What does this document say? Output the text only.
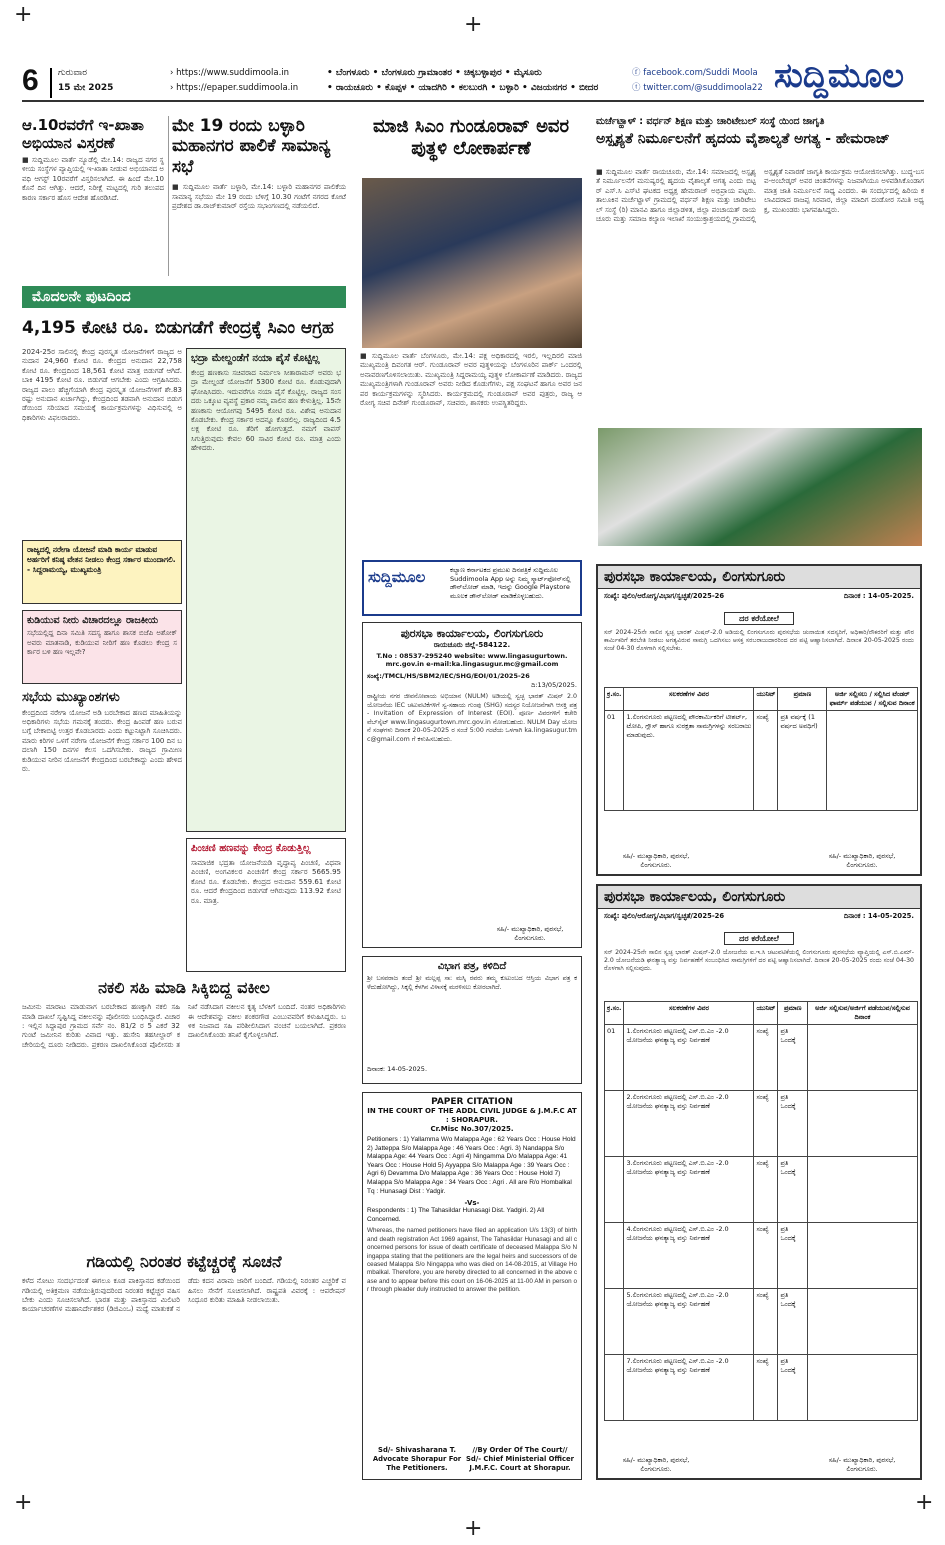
+
+
+
+
+
6 ಗುರುವಾರ
15 ಮೇ 2025
› https://www.suddimoola.in
› https://epaper.suddimoola.in
• ಬೆಂಗಳೂರು • ಬೆಂಗಳೂರು ಗ್ರಾಮಾಂತರ • ಚಿಕ್ಕಬಳ್ಳಾಪುರ • ಮೈಸೂರು
• ರಾಯಚೂರು • ಕೊಪ್ಪಳ • ಯಾದಗಿರಿ • ಕಲಬುರಗಿ • ಬಳ್ಳಾರಿ • ವಿಜಯನಗರ • ಬೀದರ
ⓕ facebook.com/Suddi Moola
ⓣ twitter.com/@suddimoola22 ಸುದ್ದಿಮೂಲ
ಆ.10ರವರೆಗೆ ಇ-ಖಾತಾ ಅಭಿಯಾನ ವಿಸ್ತರಣೆ
■ ಸುದ್ದಿಮೂಲ ವಾರ್ತೆ ನ್ಯೂಡೆಲ್ಲಿ ಮೇ.14: ರಾಜ್ಯದ ನಗರ ಸ್ಥಳೀಯ ಸಂಸ್ಥೆಗಳ ವ್ಯಾಪ್ತಿಯಲ್ಲಿ ಇ-ಖಾತಾ ನೀಡುವ ಅಭಿಯಾನದ ಅವಧಿ ಆಗಸ್ಟ್ 10ರವರೆಗೆ ವಿಸ್ತರಿಸಲಾಗಿದೆ. ಈ ಹಿಂದೆ ಮೇ.10 ಕೊನೆ ದಿನ ಆಗಿತ್ತು. ಆದರೆ, ನಿರೀಕ್ಷೆ ಮಟ್ಟದಲ್ಲಿ ಗುರಿ ತಲುಪದ ಕಾರಣ ಸರ್ಕಾರ ಹೊಸ ಆದೇಶ ಹೊರಡಿಸಿದೆ.
ಮೇ 19 ರಂದು ಬಳ್ಳಾರಿ ಮಹಾನಗರ ಪಾಲಿಕೆ ಸಾಮಾನ್ಯ ಸಭೆ
■ ಸುದ್ದಿಮೂಲ ವಾರ್ತೆ ಬಳ್ಳಾರಿ, ಮೇ.14: ಬಳ್ಳಾರಿ ಮಹಾನಗರ ಪಾಲಿಕೆಯ ಸಾಮಾನ್ಯ ಸಭೆಯು ಮೇ 19 ರಂದು ಬೆಳಿಗ್ಗೆ 10.30 ಗಂಟೆಗೆ ನಗರದ ಕೋಟೆ ಪ್ರದೇಶದ ಡಾ.ರಾಜ್‌ಕುಮಾರ್ ರಸ್ತೆಯ ಸಭಾಂಗಣದಲ್ಲಿ ನಡೆಯಲಿದೆ.
ಮೊದಲನೇ ಪುಟದಿಂದ
4,195 ಕೋಟಿ ರೂ. ಬಿಡುಗಡೆಗೆ ಕೇಂದ್ರಕ್ಕೆ ಸಿಎಂ ಆಗ್ರಹ
2024-25ರ ಸಾಲಿನಲ್ಲಿ ಕೇಂದ್ರ ಪುರಸ್ಕೃತ ಯೋಜನೆಗಳಿಗೆ ರಾಜ್ಯದ ಅನುದಾನ 24,960 ಕೋಟಿ ರೂ. ಕೇಂದ್ರದ ಅನುದಾನ 22,758 ಕೋಟಿ ರೂ. ಕೇಂದ್ರದಿಂದ 18,561 ಕೋಟಿ ಮಾತ್ರ ಬಿಡುಗಡೆ ಆಗಿದೆ. ಬಾಕಿ 4195 ಕೋಟಿ ರೂ. ಬಿಡುಗಡೆ ಆಗಬೇಕು ಎಂದು ಆಗ್ರಹಿಸಿದರು. ರಾಜ್ಯದ ಪಾಲು ಹೆಚ್ಚಿಗೆಯಾಗಿ ಕೇಂದ್ರ ಪುರಸ್ಕೃತ ಯೋಜನೆಗಳಿಗೆ ಶೇ.83 ರಷ್ಟು ಅನುದಾನ ಖರ್ಚಾಗಿದ್ದು, ಕೇಂದ್ರದಿಂದ ತಡವಾಗಿ ಅನುದಾನ ಬಿಡುಗಡೆಯಿಂದ ಸರಿಯಾದ ಸಮಯಕ್ಕೆ ಕಾರ್ಯಕ್ರಮಗಳನ್ನು ವಿಧಿಸುವಲ್ಲಿ ಅಧಿಕಾರಿಗಳು ವಿಫಲರಾದರು.
ರಾಜ್ಯದಲ್ಲಿ ನರೇಗಾ ಯೋಜನೆ ಮಾಡಿ ಕಾರ್ಯ ಮಾಡುವ ಅರ್ಹರಿಗೆ ಕನಿಷ್ಠ ವೇತನ ನೀಡಲು ಕೇಂದ್ರ ಸರ್ಕಾರ ಮುಂದಾಗಲಿ. - ಸಿದ್ದರಾಮಯ್ಯ, ಮುಖ್ಯಮಂತ್ರಿ
ಕುಡಿಯುವ ನೀರು ವಿಚಾರದಲ್ಲೂ ರಾಜಕೀಯ
ಸಭೆಯಲ್ಲಿದ್ದ ದಿನಾ ಸಮಿತಿ ಸದಸ್ಯ ಹಾಗೂ ಶಾಸಕ ಬಿಜೆಪಿ ಅಶೋಕ್ ಅವರು ಮಾತನಾಡಿ, ಕುಡಿಯುವ ನೀರಿಗೆ ಹಣ ಕೊಡಲು ಕೇಂದ್ರ ಸರ್ಕಾರ ಬಳಿ ಹಣ ಇಲ್ಲವೇ?
ಸಭೆಯ ಮುಖ್ಯಾಂಶಗಳು
ಕೇಂದ್ರದಿಂದ ನರೇಗಾ ಯೋಜನೆ ಅಡಿ ಬರಬೇಕಾದ ಹಣದ ಮಾಹಿತಿಯನ್ನು ಅಧಿಕಾರಿಗಳು ಸಭೆಯ ಗಮನಕ್ಕೆ ತಂದರು. ಕೇಂದ್ರ ಹಿಂಪಡೆ ಹಣ ಬರುವ ಬಗ್ಗೆ ಬೇಕಾಬಿಟ್ಟಿ ಉತ್ತರ ಕೊಡಬಾರದು ಎಂದು ಕಟ್ಟುನಿಟ್ಟಾಗಿ ಸೂಚಿಸಿದರು. ಮಾರು ಕಿರಿಗಳ ಒಳಗೆ ನರೇಗಾ ಯೋಜನೆಗೆ ಕೇಂದ್ರ ಸರ್ಕಾರ 100 ದಿನ ಬದಲಾಗಿ 150 ದಿನಗಳ ಕೆಲಸ ಒದಗಿಸಬೇಕು. ರಾಜ್ಯದ ಗ್ರಾಮೀಣ ಕುಡಿಯುವ ನೀರಿನ ಯೋಜನೆಗೆ ಕೇಂದ್ರದಿಂದ ಬರಬೇಕಾದ್ದು ಎಂದು ಹೇಳಿದರು.
ಭದ್ರಾ ಮೇಲ್ದಂಡೆಗೆ ನಯಾ ಪೈಸೆ ಕೊಟ್ಟಿಲ್ಲ
ಕೇಂದ್ರ ಹಣಕಾಸು ಸಚಿವರಾದ ನಿರ್ಮಲಾ ಸೀತಾರಾಮನ್ ಅವರು ಭದ್ರಾ ಮೇಲ್ದಂಡೆ ಯೋಜನೆಗೆ 5300 ಕೋಟಿ ರೂ. ಕೊಡುವುದಾಗಿ ಘೋಷಿಸಿದರು. ಇದುವರೆಗೂ ನಯಾ ಪೈಸೆ ಕೊಟ್ಟಿಲ್ಲ. ರಾಜ್ಯದ ಸಂಸದರು ಒಕ್ಕೂಟ ವ್ಯವಸ್ಥೆ ಪ್ರಕಾರ ನಮ್ಮ ಪಾಲಿನ ಹಣ ಕೇಳುತ್ತಿಲ್ಲ. 15ನೇ ಹಣಕಾಸು ಆಯೋಗವು 5495 ಕೋಟಿ ರೂ. ವಿಶೇಷ ಅನುದಾನ ಕೊಡಬೇಕು. ಕೇಂದ್ರ ಸರ್ಕಾರ ಅದನ್ನೂ ಕೊಡಲಿಲ್ಲ. ರಾಜ್ಯದಿಂದ 4.5 ಲಕ್ಷ ಕೋಟಿ ರೂ. ತೆರಿಗೆ ಹೋಗುತ್ತದೆ. ನಮಗೆ ವಾಪಸ್ ಸಿಗುತ್ತಿರುವುದು ಕೇವಲ 60 ಸಾವಿರ ಕೋಟಿ ರೂ. ಮಾತ್ರ ಎಂದು ಹೇಳಿದರು.
ಪಿಂಚಣಿ ಹಣವನ್ನು ಕೇಂದ್ರ ಕೊಡುತ್ತಿಲ್ಲ
ಸಾಮಾಜಿಕ ಭದ್ರತಾ ಯೋಜನೆಯಡಿ ವೃದ್ಧಾಪ್ಯ ಪಿಂಚಣಿ, ವಿಧವಾ ಪಿಂಚಣಿ, ಅಂಗವಿಕಲರ ಪಿಂಚಣಿಗೆ ಕೇಂದ್ರ ಸರ್ಕಾರ 5665.95 ಕೋಟಿ ರೂ. ಕೊಡಬೇಕು. ಕೇಂದ್ರದ ಅನುದಾನ 559.61 ಕೋಟಿ ರೂ. ಆದರೆ ಕೇಂದ್ರದಿಂದ ಬಿಡುಗಡೆ ಆಗಿರುವುದು 113.92 ಕೋಟಿ ರೂ. ಮಾತ್ರ.
ನಕಲಿ ಸಹಿ ಮಾಡಿ ಸಿಕ್ಕಿಬಿದ್ದ ವಕೀಲ
ಜಮೀನು ಮಾರಾಟ ಮಾಡುವಾಗ ಬರಬೇಕಾದ ಹಣಕ್ಕಾಗಿ ನಕಲಿ ಸಹಿ ಮಾಡಿ ದಾಖಲೆ ಸೃಷ್ಟಿಸಿದ್ದ ವಕೀಲನನ್ನು ಪೊಲೀಸರು ಬಂಧಿಸಿದ್ದಾರೆ. ವಿಚಾರ : ಇಲ್ಲಿನ ಸಿದ್ದಾಪುರ ಗ್ರಾಮದ ಸರ್ವೆ ನಂ. 81/2 ರ 5 ಎಕರೆ 32 ಗುಂಟೆ ಜಮೀನಿನ ಕುರಿತು ವಿವಾದ ಇತ್ತು. ಹುಸೇನಿ ತಹಸೀಲ್ದಾರ್ ಕಚೇರಿಯಲ್ಲಿ ದೂರು ನೀಡಿದರು. ಪ್ರಕರಣ ದಾಖಲಿಸಿಕೊಂಡ ಪೊಲೀಸರು ತನಿಖೆ ನಡೆಸಿದಾಗ ವಕೀಲನ ಕೃತ್ಯ ಬೆಳಕಿಗೆ ಬಂದಿದೆ. ನಂತರ ಅಧಿಕಾರಿಗಳು ಈ ಆದೇಶವನ್ನು ವಕೀಲ ಶಂಕರಗೌಡ ಎಂಬುವವರಿಗೆ ಕಳುಹಿಸಿದ್ದರು. ಬಳಿಕ ನಿಜವಾದ ಸಹಿ ಪರಿಶೀಲಿಸಿದಾಗ ವಂಚನೆ ಬಯಲಾಗಿದೆ. ಪ್ರಕರಣ ದಾಖಲಿಸಿಕೊಂಡು ತನಿಖೆ ಕೈಗೊಳ್ಳಲಾಗಿದೆ.
ಗಡಿಯಲ್ಲಿ ನಿರಂತರ ಕಟ್ಟೆಚ್ಚರಕ್ಕೆ ಸೂಚನೆ
ಕಳೆದ ನೋಟು ಸಂದರ್ಭದಂತೆ ಈಗಲೂ ಕೂಡ ಪಾಕಿಸ್ತಾನದ ಕಡೆಯಿಂದ ಗಡಿಯಲ್ಲಿ ಅತಿಕ್ರಮಣ ನಡೆಯುತ್ತಿರುವುದರಿಂದ ನಿರಂತರ ಕಟ್ಟೆಚ್ಚರ ವಹಿಸಬೇಕು ಎಂದು ಸೂಚಿಸಲಾಗಿದೆ. ಭಾರತ ಮತ್ತು ಪಾಕಿಸ್ತಾನದ ಮಿಲಿಟರಿ ಕಾರ್ಯಾಚರಣೆಗಳ ಮಹಾನಿರ್ದೇಶಕರ (ಡಿಜಿಎಂಒ) ಮಧ್ಯೆ ಮಾತುಕತೆ ನಡೆದು ಕದನ ವಿರಾಮ ಜಾರಿಗೆ ಬಂದಿದೆ. ಗಡಿಯಲ್ಲಿ ನಿರಂತರ ಎಚ್ಚರಿಕೆ ವಹಿಸಲು ಸೇನೆಗೆ ಸೂಚಿಸಲಾಗಿದೆ. ರಾಷ್ಟ್ರಪತಿ ವಿವರಕ್ಕೆ : ಆಪರೇಷನ್ ಸಿಂಧೂರ ಕುರಿತು ಮಾಹಿತಿ ನೀಡಲಾಯಿತು.
ಮಾಜಿ ಸಿಎಂ ಗುಂಡೂರಾವ್ ಅವರ ಪುತ್ಥಳಿ ಲೋಕಾರ್ಪಣೆ
■ ಸುದ್ದಿಮೂಲ ವಾರ್ತೆ ಬೆಂಗಳೂರು, ಮೇ.14: ಪಕ್ಷ ಅಧಿಕಾರದಲ್ಲಿ ಇರಲಿ, ಇಲ್ಲದಿರಲಿ ಮಾಜಿ ಮುಖ್ಯಮಂತ್ರಿ ದಿವಂಗತ ಆರ್. ಗುಂಡೂರಾವ್ ಅವರ ಪುತ್ಥಳಿಯನ್ನು ಬೆಂಗಳೂರಿನ ಪಾರ್ಕ್ ಒಂದರಲ್ಲಿ ಅನಾವರಣಗೊಳಿಸಲಾಯಿತು. ಮುಖ್ಯಮಂತ್ರಿ ಸಿದ್ದರಾಮಯ್ಯ ಪುತ್ಥಳಿ ಲೋಕಾರ್ಪಣೆ ಮಾಡಿದರು. ರಾಜ್ಯದ ಮುಖ್ಯಮಂತ್ರಿಗಳಾಗಿ ಗುಂಡೂರಾವ್ ಅವರು ನೀಡಿದ ಕೊಡುಗೆಗಳು, ಪಕ್ಷ ಸಂಘಟನೆ ಹಾಗೂ ಅವರ ಜನಪರ ಕಾರ್ಯಕ್ರಮಗಳನ್ನು ಸ್ಮರಿಸಿದರು. ಕಾರ್ಯಕ್ರಮದಲ್ಲಿ ಗುಂಡೂರಾವ್ ಅವರ ಪುತ್ರರು, ರಾಜ್ಯ ಆರೋಗ್ಯ ಸಚಿವ ದಿನೇಶ್ ಗುಂಡೂರಾವ್, ಸಚಿವರು, ಶಾಸಕರು ಉಪಸ್ಥಿತರಿದ್ದರು.
ಸುದ್ದಿಮೂಲ	ಕಲ್ಯಾಣ ಕರ್ನಾಟಕದ ಪ್ರಮುಖ ದಿನಪತ್ರಿಕೆ ಸುದ್ದಿಮೂಲ Suddimoola App ಅನ್ನು ನಿಮ್ಮ ಸ್ಮಾರ್ಟ್‌ಫೋನ್‌ನಲ್ಲಿ ಡೌನ್‌ಲೋಡ್ ಮಾಡಿ, ಇದನ್ನು Google Playstore ಮೂಲಕ ಡೌನ್‌ಲೋಡ್ ಮಾಡಿಕೊಳ್ಳಬಹುದು.
ಪುರಸಭಾ ಕಾರ್ಯಾಲಯ, ಲಿಂಗಸುಗೂರು
ರಾಯಚೂರು ಜಿಲ್ಲೆ-584122.
T.No : 08537-295240 website: www.lingasugurtown. mrc.gov.in e-mail:ka.lingasugur.mc@gmail.com
ಸಂಖ್ಯೆ:/TMCL/HS/SBM2/IEC/SHG/EOI/01/2025-26
ದಿ:13/05/2025.
ರಾಷ್ಟ್ರೀಯ ನಗರ ಜೀವನೋಪಾಯ ಅಭಿಯಾನ (NULM) ಅಡಿಯಲ್ಲಿ ಸ್ವಚ್ಛ ಭಾರತ್ ಮಿಷನ್ 2.0 ಯೋಜನೆಯ IEC ಚಟುವಟಿಕೆಗಳಿಗೆ ಸ್ವ-ಸಹಾಯ ಗುಂಪು (SHG) ಸದಸ್ಯರ ನಿಯೋಜನೆಗಾಗಿ ಆಸಕ್ತಿ ಪತ್ರ - Invitation of Expression of Interest (EOI). ಪೂರ್ಣ ವಿವರಗಳಿಗೆ ಕಚೇರಿ ವೆಬ್‌ಸೈಟ್ www.lingasugurtown.mrc.gov.in ನೋಡಬಹುದು. NULM Day ಯೋಜನೆ ಸಂಘಗಳು ದಿನಾಂಕ 20-05-2025 ರ ಸಂಜೆ 5:00 ಗಂಟೆಯ ಒಳಗಾಗಿ ka.lingasugur.tmc@gmail.com ಗೆ ಕಳುಹಿಸಬಹುದು.
ಸಹಿ/- ಮುಖ್ಯಾಧಿಕಾರಿ, ಪುರಸಭೆ, ಲಿಂಗಸುಗೂರು.
ವಿಭಾಗ ಪತ್ರ, ಕಳಿದಿದೆ
ಶ್ರೀ ಬಸವರಾಜ ತಂದೆ ಶ್ರೀ ಮಲ್ಲಪ್ಪ ಸಾ: ಮಸ್ಕಿ ರವರು ತಮ್ಮ ಕುಟುಂಬದ ಆಸ್ತಿಯ ವಿಭಾಗ ಪತ್ರ ಕಳೆದುಹೋಗಿದ್ದು, ಸಿಕ್ಕಲ್ಲಿ ಕೆಳಗಿನ ವಿಳಾಸಕ್ಕೆ ಮರಳಿಸಲು ಕೋರಲಾಗಿದೆ.
ದಿನಾಂಕ: 14-05-2025.
PAPER CITATION
IN THE COURT OF THE ADDL CIVIL JUDGE & J.M.F.C AT : SHORAPUR.
Cr.Misc No.307/2025.
Petitioners : 1) Yallamma W/o Malappa Age : 62 Years Occ : House Hold 2) Jatteppa S/o Malappa Age : 46 Years Occ : Agri. 3) Nandappa S/o Malappa Age: 44 Years Occ : Agri 4) Ningamma D/o Malappa Age: 41 Years Occ : House Hold 5) Ayyappa S/o Malappa Age : 39 Years Occ : Agri 6) Devamma D/o Malappa Age : 36 Years Occ : House Hold 7) Malappa S/o Malappa Age : 34 Years Occ : Agri . All are R/o Hombalkal Tq : Hunasagi Dist : Yadgir.
-Vs-
Respondents : 1) The Tahasildar Hunasagi Dist. Yadgiri. 2) All Concerned.
Whereas, the named petitioners have filed an application U/s 13(3) of birth and death registration Act 1969 against, The Tahasildar Hunasagi and all concerned persons for issue of death certificate of deceased Malappa S/o Ningappa stating that the petitioners are the legal heirs and successors of deceased Malappa S/o Ningappa who was died on 14-08-2015, at Village Hombalkal. Therefore, you are hereby directed to all concerned in the above case and to appear before this court on 16-06-2025 at 11-00 AM in person or through pleader duly instructed to answer the petition.
Sd/- Shivasharana T. Advocate Shorapur For The Petitioners.
//By Order Of The Court// Sd/- Chief Ministerial Officer J.M.F.C. Court at Shorapur.
ಮರ್ಚೆಟ್ಹಾಳ್ : ವರ್ಧನ್ ಶಿಕ್ಷಣ ಮತ್ತು ಚಾರಿಟೇಬಲ್ ಸಂಸ್ಥೆ ಯಿಂದ ಜಾಗೃತಿ
ಅಸ್ಪೃಶ್ಯತೆ ನಿರ್ಮೂಲನೆಗೆ ಹೃದಯ ವೈಶಾಲ್ಯತೆ ಅಗತ್ಯ - ಹೇಮರಾಜ್
■ ಸುದ್ದಿಮೂಲ ವಾರ್ತೆ ರಾಯಚೂರು, ಮೇ.14: ಸಮಾಜದಲ್ಲಿ ಅಸ್ಪೃಶ್ಯತೆ ನಿರ್ಮೂಲನೆಗೆ ಮನುಷ್ಯರಲ್ಲಿ ಹೃದಯ ವೈಶಾಲ್ಯತೆ ಅಗತ್ಯ ಎಂದು ಬಿಟ್ಟರ್ ಎಸ್.ಸಿ ಎಸ್‌ಟಿ ಘಟಕದ ಅಧ್ಯಕ್ಷ ಹೇಮರಾಜ್ ಅಭಿಪ್ರಾಯ ಪಟ್ಟರು. ತಾಲೂಕಿನ ಮರ್ಚೆಟ್ಹಾಳ್ ಗ್ರಾಮದಲ್ಲಿ ವರ್ಧನ್ ಶಿಕ್ಷಣ ಮತ್ತು ಚಾರಿಟೇಬಲ್ ಸಂಸ್ಥೆ (ರಿ) ಮಾನವಿ ಹಾಗೂ ಜಿಲ್ಲಾಡಳಿತ, ಜಿಲ್ಲಾ ಪಂಚಾಯತ್ ರಾಯಚೂರು ಮತ್ತು ಸಮಾಜ ಕಲ್ಯಾಣ ಇಲಾಖೆ ಸಂಯುಕ್ತಾಶ್ರಯದಲ್ಲಿ ಗ್ರಾಮದಲ್ಲಿ ಅಸ್ಪೃಶ್ಯತೆ ನಿವಾರಣೆ ಜಾಗೃತಿ ಕಾರ್ಯಕ್ರಮ ಆಯೋಜಿಸಲಾಗಿತ್ತು. ಬುದ್ಧ-ಬಸವ-ಅಂಬೇಡ್ಕರ್ ಅವರ ಚಿಂತನೆಗಳನ್ನು ನಿಜವಾಗಿಯೂ ಅಳವಡಿಸಿಕೊಂಡಾಗ ಮಾತ್ರ ಜಾತಿ ನಿರ್ಮೂಲನೆ ಸಾಧ್ಯ ಎಂದರು. ಈ ಸಂದರ್ಭದಲ್ಲಿ ಹಿರಿಯ ಕಲಾವಿದರಾದ ರಾಜಪ್ಪ ಸಿರವಾರ, ಜಿಲ್ಲಾ ಮಾದಿಗ ದಂಡೋರ ಸಮಿತಿ ಅಧ್ಯಕ್ಷ, ಮುಖಂಡರು ಭಾಗವಹಿಸಿದ್ದರು.
ಪುರಸಭಾ ಕಾರ್ಯಾಲಯ, ಲಿಂಗಸುಗೂರು
ಸಂಖ್ಯೆ: ಪುಲಿಂ/ಆರೋಗ್ಯ/ವಿಭಾಗ/ಸ್ವಚ್ಛತೆ/2025-26	ದಿನಾಂಕ : 14-05-2025.
ದರ ಕರೆಯೋಲೆ
ಸನ್ 2024-25ನೇ ಸಾಲಿನ ಸ್ವಚ್ಛ ಭಾರತ್ ಮಿಷನ್-2.0 ಅಡಿಯಲ್ಲಿ ಲಿಂಗಸುಗೂರು ಪುರಸಭೆಯ ಚುನಾಯಿತ ಸದಸ್ಯರಿಗೆ, ಅಧಿಕಾರಿ/ನೌಕರರಿಗೆ ಮತ್ತು ಪೌರಕಾರ್ಮಿಕರಿಗೆ ತರಬೇತಿ ನೀಡಲು ಅಗತ್ಯವಿರುವ ಸಾಮಗ್ರಿ ಒದಗಿಸಲು ಆಸಕ್ತ ಸರಬರಾಜುದಾರರಿಂದ ದರ ಪಟ್ಟಿ ಆಹ್ವಾನಿಸಲಾಗಿದೆ. ದಿನಾಂಕ 20-05-2025 ರಂದು ಸಂಜೆ 04-30 ರೊಳಗಾಗಿ ಸಲ್ಲಿಸಬೇಕು.
ಕ್ರ.ಸಂ.	ಸಲಕರಣೆಗಳ ವಿವರ	ಯುನಿಟ್	ಪ್ರಮಾಣ	ಅರ್ಜಿ ಸಲ್ಲಿಸಲು / ಸಲ್ಲಿಸಿದ ಟೆಂಡರ್ ಫಾರ್ಮ್ ಪಡೆಯುವ / ಸಲ್ಲಿಸುವ ದಿನಾಂಕ
01	1.ಲಿಂಗಸುಗೂರು ಪಟ್ಟಣದಲ್ಲಿ ಪೌರಕಾರ್ಮಿಕರಿಗೆ ಟೀಶರ್ಟ್, ಟೋಪಿ, ಗ್ಲೌಸ್ ಹಾಗೂ ಸುರಕ್ಷತಾ ಸಾಮಗ್ರಿಗಳನ್ನು ಸರಬರಾಜು ಮಾಡುವುದು.	ಸಂಖ್ಯೆ	ಪ್ರತಿ ವರ್ಷಕ್ಕೆ (1 ವರ್ಷದ ಅವಧಿಗೆ)	
ಸಹಿ/- ಮುಖ್ಯಾಧಿಕಾರಿ, ಪುರಸಭೆ, ಲಿಂಗಸುಗೂರು.
ಸಹಿ/- ಮುಖ್ಯಾಧಿಕಾರಿ, ಪುರಸಭೆ, ಲಿಂಗಸುಗೂರು.
ಪುರಸಭಾ ಕಾರ್ಯಾಲಯ, ಲಿಂಗಸುಗೂರು
ಸಂಖ್ಯೆ: ಪುಲಿಂ/ಆರೋಗ್ಯ/ವಿಭಾಗ/ಸ್ವಚ್ಛತೆ/2025-26	ದಿನಾಂಕ : 14-05-2025.
ದರ ಕರೆಯೋಲೆ
ಸನ್ 2024-25ನೇ ಸಾಲಿನ ಸ್ವಚ್ಛ ಭಾರತ್ ಮಿಷನ್-2.0 ಯೋಜನೆಯ ಐ.ಇ.ಸಿ ಚಟುವಟಿಕೆಯಲ್ಲಿ ಲಿಂಗಸುಗೂರು ಪುರಸಭೆಯ ವ್ಯಾಪ್ತಿಯಲ್ಲಿ ಎಸ್.ಬಿ.ಎಮ್-2.0 ಯೋಜನೆಯಡಿ ಘನತ್ಯಾಜ್ಯ ವಸ್ತು ನಿರ್ವಹಣೆಗೆ ಸಂಬಂಧಿಸಿದ ಸಾಮಗ್ರಿಗಳಿಗೆ ದರ ಪಟ್ಟಿ ಆಹ್ವಾನಿಸಲಾಗಿದೆ. ದಿನಾಂಕ 20-05-2025 ರಂದು ಸಂಜೆ 04-30 ರೊಳಗಾಗಿ ಸಲ್ಲಿಸುವುದು.
ಕ್ರ.ಸಂ.	ಸಲಕರಣೆಗಳ ವಿವರ	ಯುನಿಟ್	ಪ್ರಮಾಣ	ಅರ್ಜಿ ಸಲ್ಲಿಸುವ/ಅರ್ಜಿಗೆ ಪಡೆಯುವ/ಸಲ್ಲಿಸುವ ದಿನಾಂಕ
01	1.ಲಿಂಗಸುಗೂರು ಪಟ್ಟಣದಲ್ಲಿ ಎಸ್.ಬಿ.ಎಂ -2.0 ಯೋಜನೆಯ ಘನತ್ಯಾಜ್ಯ ವಸ್ತು ನಿರ್ವಹಣೆ	ಸಂಖ್ಯೆ	ಪ್ರತಿ ಒಂದಕ್ಕೆ	
	2.ಲಿಂಗಸುಗೂರು ಪಟ್ಟಣದಲ್ಲಿ ಎಸ್.ಬಿ.ಎಂ -2.0 ಯೋಜನೆಯ ಘನತ್ಯಾಜ್ಯ ವಸ್ತು ನಿರ್ವಹಣೆ	ಸಂಖ್ಯೆ	ಪ್ರತಿ ಒಂದಕ್ಕೆ	
	3.ಲಿಂಗಸುಗೂರು ಪಟ್ಟಣದಲ್ಲಿ ಎಸ್.ಬಿ.ಎಂ -2.0 ಯೋಜನೆಯ ಘನತ್ಯಾಜ್ಯ ವಸ್ತು ನಿರ್ವಹಣೆ	ಸಂಖ್ಯೆ	ಪ್ರತಿ ಒಂದಕ್ಕೆ	
	4.ಲಿಂಗಸುಗೂರು ಪಟ್ಟಣದಲ್ಲಿ ಎಸ್.ಬಿ.ಎಂ -2.0 ಯೋಜನೆಯ ಘನತ್ಯಾಜ್ಯ ವಸ್ತು ನಿರ್ವಹಣೆ	ಸಂಖ್ಯೆ	ಪ್ರತಿ ಒಂದಕ್ಕೆ	
	5.ಲಿಂಗಸುಗೂರು ಪಟ್ಟಣದಲ್ಲಿ ಎಸ್.ಬಿ.ಎಂ -2.0 ಯೋಜನೆಯ ಘನತ್ಯಾಜ್ಯ ವಸ್ತು ನಿರ್ವಹಣೆ	ಸಂಖ್ಯೆ	ಪ್ರತಿ ಒಂದಕ್ಕೆ	
	7.ಲಿಂಗಸುಗೂರು ಪಟ್ಟಣದಲ್ಲಿ ಎಸ್.ಬಿ.ಎಂ -2.0 ಯೋಜನೆಯ ಘನತ್ಯಾಜ್ಯ ವಸ್ತು ನಿರ್ವಹಣೆ	ಸಂಖ್ಯೆ	ಪ್ರತಿ ಒಂದಕ್ಕೆ	
ಸಹಿ/- ಮುಖ್ಯಾಧಿಕಾರಿ, ಪುರಸಭೆ, ಲಿಂಗಸುಗೂರು.
ಸಹಿ/- ಮುಖ್ಯಾಧಿಕಾರಿ, ಪುರಸಭೆ, ಲಿಂಗಸುಗೂರು.
